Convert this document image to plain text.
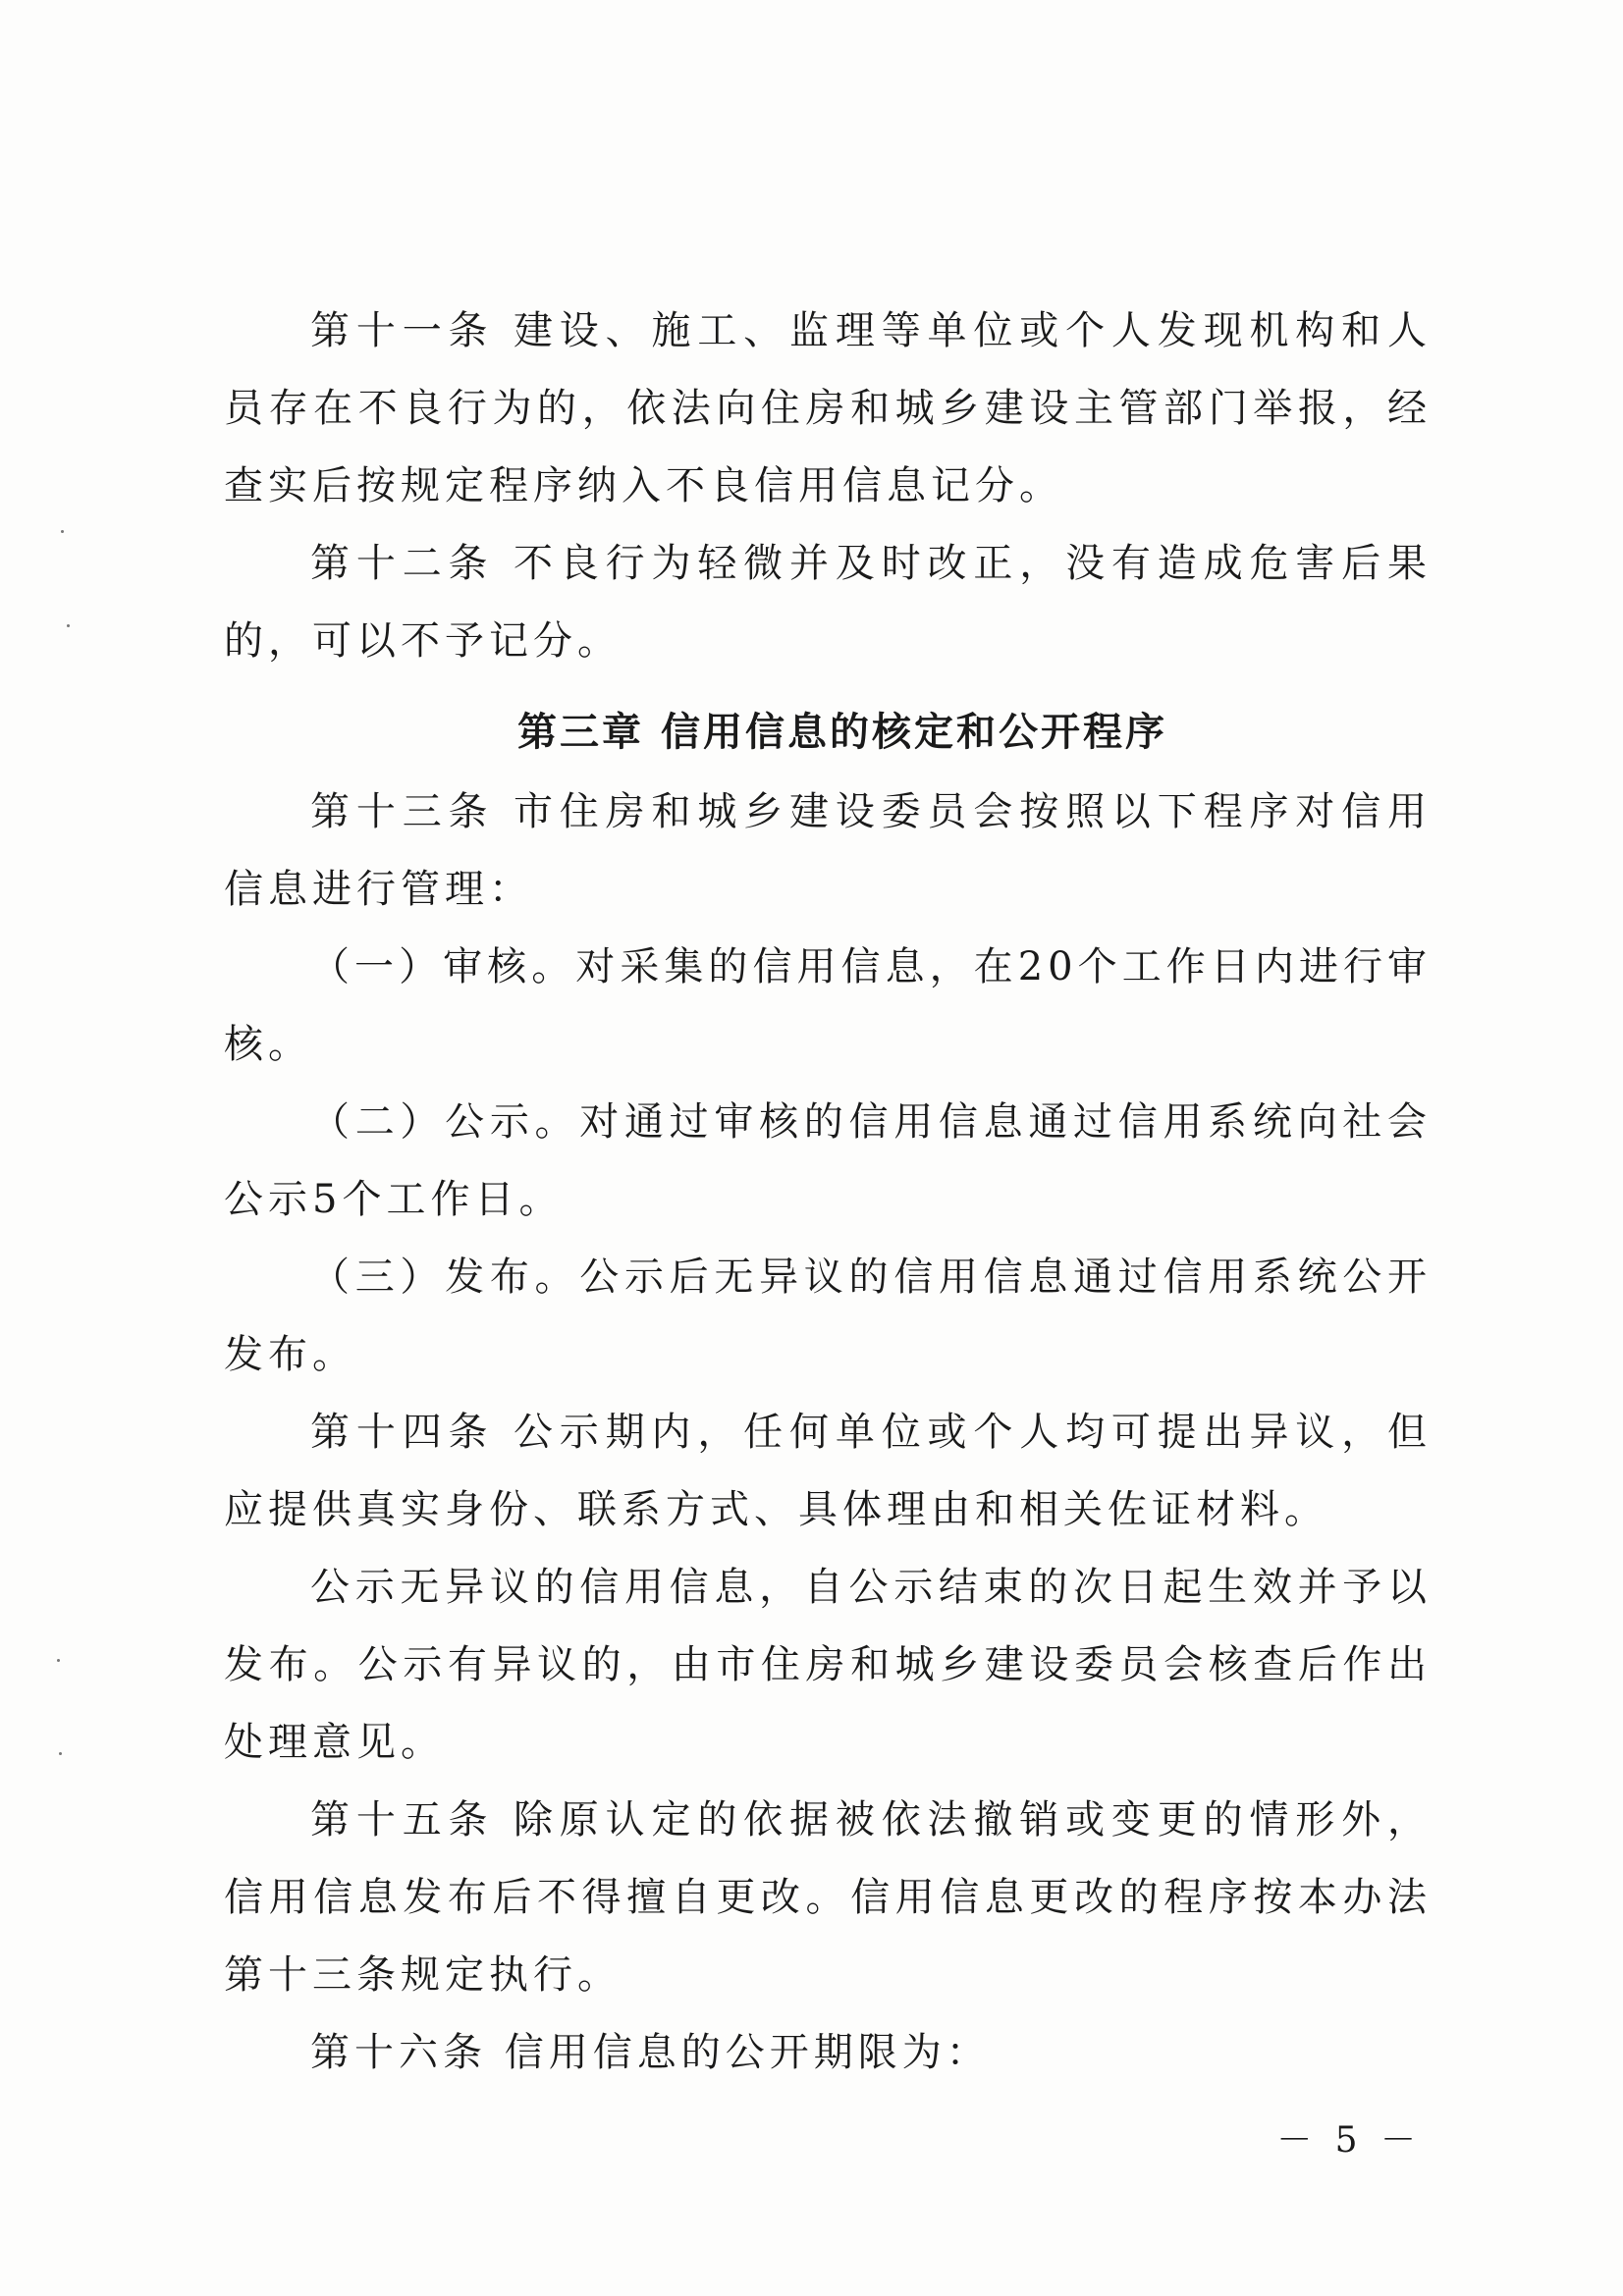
第十一条 建设、施工、监理等单位或个人发现机构和人员存在不良行为的，依法向住房和城乡建设主管部门举报，经查实后按规定程序纳入不良信用信息记分。

第十二条 不良行为轻微并及时改正，没有造成危害后果的，可以不予记分。

第三章 信用信息的核定和公开程序

第十三条 市住房和城乡建设委员会按照以下程序对信用信息进行管理：

（一）审核。对采集的信用信息，在20个工作日内进行审核。

（二）公示。对通过审核的信用信息通过信用系统向社会公示5个工作日。

（三）发布。公示后无异议的信用信息通过信用系统公开发布。

第十四条 公示期内，任何单位或个人均可提出异议，但应提供真实身份、联系方式、具体理由和相关佐证材料。

公示无异议的信用信息，自公示结束的次日起生效并予以发布。公示有异议的，由市住房和城乡建设委员会核查后作出处理意见。

第十五条 除原认定的依据被依法撤销或变更的情形外，信用信息发布后不得擅自更改。信用信息更改的程序按本办法第十三条规定执行。

第十六条 信用信息的公开期限为：

－ 5 －
